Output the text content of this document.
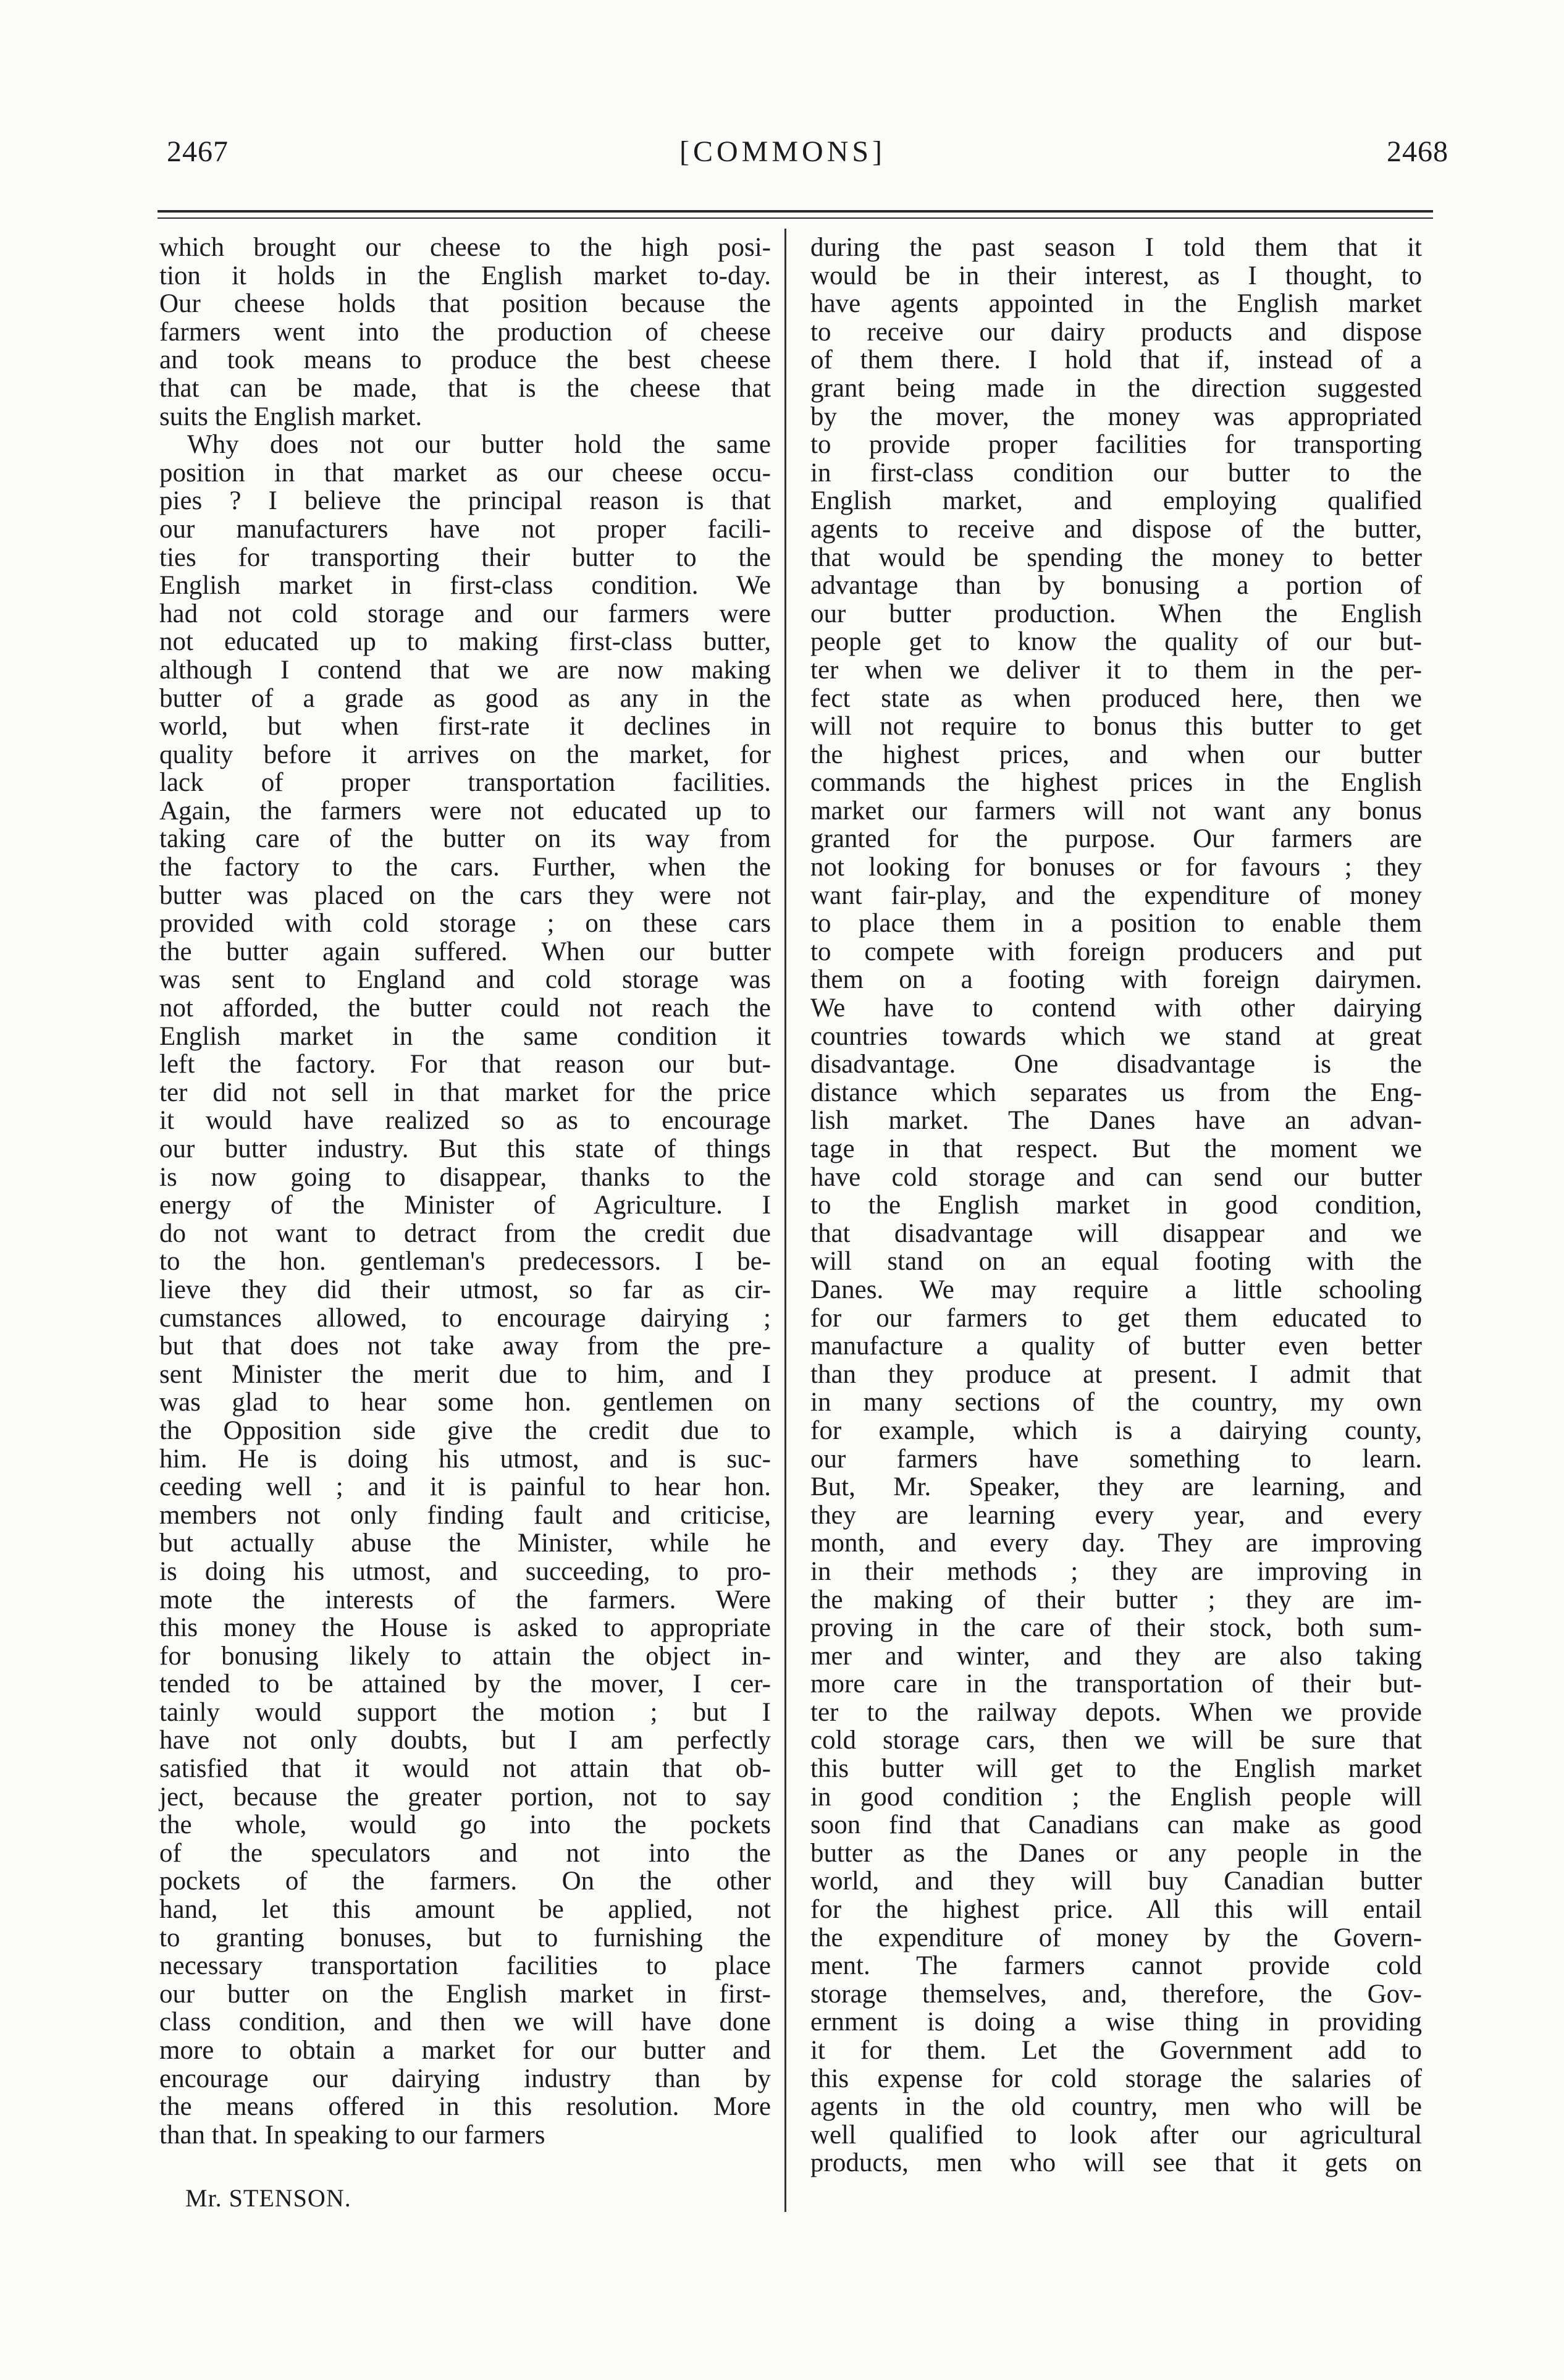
2467	[COMMONS]	2468

which brought our cheese to the high posi-

tion it holds in the English market to-day.

Our cheese holds that position because the

farmers went into the production of cheese

and took means to produce the best cheese

that can be made, that is the cheese that

suits the English market.

Why does not our butter hold the same

position in that market as our cheese occu-

pies ? I believe the principal reason is that

our manufacturers have not proper facili-

ties for transporting their butter to the

English market in first-class condition. We

had not cold storage and our farmers were

not educated up to making first-class butter,

although I contend that we are now making

butter of a grade as good as any in the

world, but when first-rate it declines in

quality before it arrives on the market, for

lack of proper transportation facilities.

Again, the farmers were not educated up to

taking care of the butter on its way from

the factory to the cars. Further, when the

butter was placed on the cars they were not

provided with cold storage ; on these cars

the butter again suffered. When our butter

was sent to England and cold storage was

not afforded, the butter could not reach the

English market in the same condition it

left the factory. For that reason our but-

ter did not sell in that market for the price

it would have realized so as to encourage

our butter industry. But this state of things

is now going to disappear, thanks to the

energy of the Minister of Agriculture. I

do not want to detract from the credit due

to the hon. gentleman's predecessors. I be-

lieve they did their utmost, so far as cir-

cumstances allowed, to encourage dairying ;

but that does not take away from the pre-

sent Minister the merit due to him, and I

was glad to hear some hon. gentlemen on

the Opposition side give the credit due to

him. He is doing his utmost, and is suc-

ceeding well ; and it is painful to hear hon.

members not only finding fault and criticise,

but actually abuse the Minister, while he

is doing his utmost, and succeeding, to pro-

mote the interests of the farmers. Were

this money the House is asked to appropriate

for bonusing likely to attain the object in-

tended to be attained by the mover, I cer-

tainly would support the motion ; but I

have not only doubts, but I am perfectly

satisfied that it would not attain that ob-

ject, because the greater portion, not to say

the whole, would go into the pockets

of the speculators and not into the

pockets of the farmers. On the other

hand, let this amount be applied, not

to granting bonuses, but to furnishing the

necessary transportation facilities to place

our butter on the English market in first-

class condition, and then we will have done

more to obtain a market for our butter and

encourage our dairying industry than by

the means offered in this resolution. More

than that. In speaking to our farmers

during the past season I told them that it

would be in their interest, as I thought, to

have agents appointed in the English market

to receive our dairy products and dispose

of them there. I hold that if, instead of a

grant being made in the direction suggested

by the mover, the money was appropriated

to provide proper facilities for transporting

in first-class condition our butter to the

English market, and employing qualified

agents to receive and dispose of the butter,

that would be spending the money to better

advantage than by bonusing a portion of

our butter production. When the English

people get to know the quality of our but-

ter when we deliver it to them in the per-

fect state as when produced here, then we

will not require to bonus this butter to get

the highest prices, and when our butter

commands the highest prices in the English

market our farmers will not want any bonus

granted for the purpose. Our farmers are

not looking for bonuses or for favours ; they

want fair-play, and the expenditure of money

to place them in a position to enable them

to compete with foreign producers and put

them on a footing with foreign dairymen.

We have to contend with other dairying

countries towards which we stand at great

disadvantage. One disadvantage is the

distance which separates us from the Eng-

lish market. The Danes have an advan-

tage in that respect. But the moment we

have cold storage and can send our butter

to the English market in good condition,

that disadvantage will disappear and we

will stand on an equal footing with the

Danes. We may require a little schooling

for our farmers to get them educated to

manufacture a quality of butter even better

than they produce at present. I admit that

in many sections of the country, my own

for example, which is a dairying county,

our farmers have something to learn.

But, Mr. Speaker, they are learning, and

they are learning every year, and every

month, and every day. They are improving

in their methods ; they are improving in

the making of their butter ; they are im-

proving in the care of their stock, both sum-

mer and winter, and they are also taking

more care in the transportation of their but-

ter to the railway depots. When we provide

cold storage cars, then we will be sure that

this butter will get to the English market

in good condition ; the English people will

soon find that Canadians can make as good

butter as the Danes or any people in the

world, and they will buy Canadian butter

for the highest price. All this will entail

the expenditure of money by the Govern-

ment. The farmers cannot provide cold

storage themselves, and, therefore, the Gov-

ernment is doing a wise thing in providing

it for them. Let the Government add to

this expense for cold storage the salaries of

agents in the old country, men who will be

well qualified to look after our agricultural

products, men who will see that it gets on

Mr. STENSON.
